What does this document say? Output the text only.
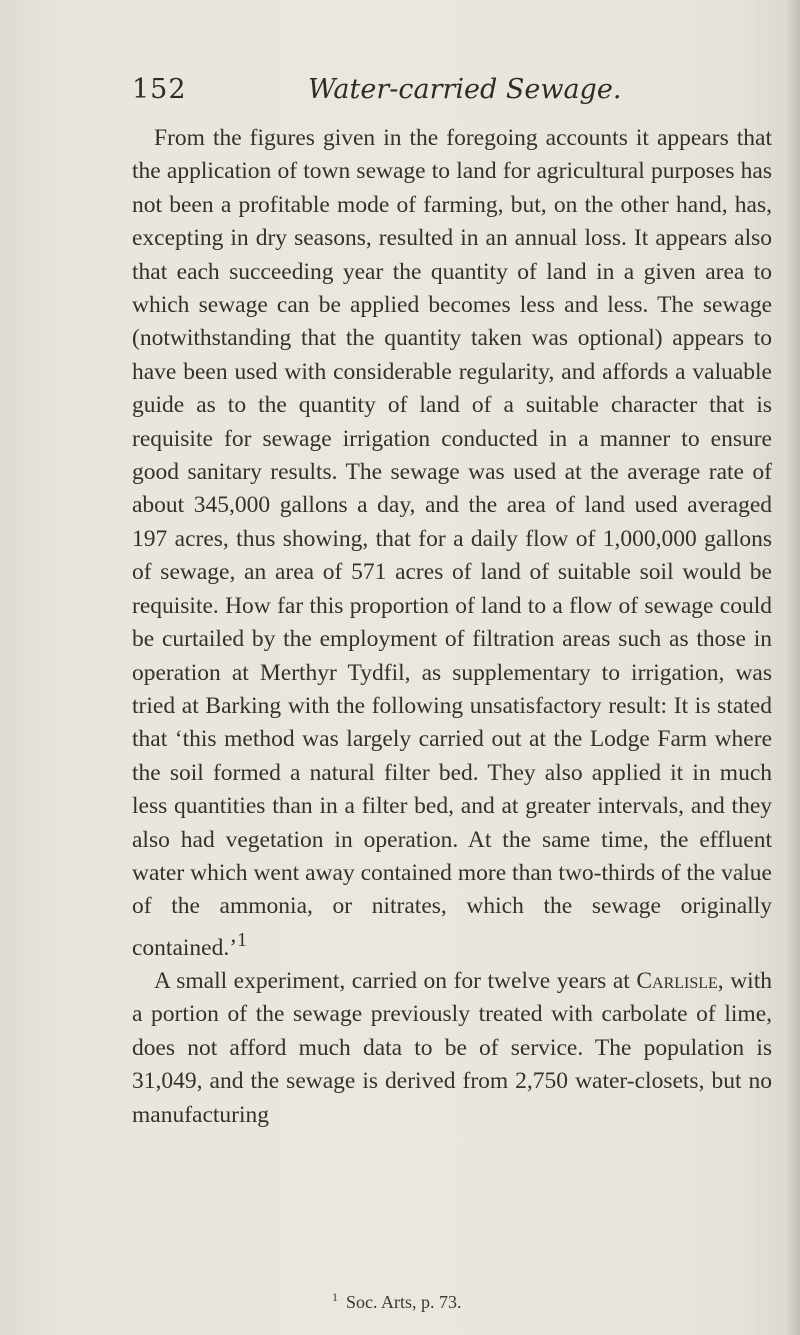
152	Water-carried Sewage.

From the figures given in the foregoing accounts it appears that the application of town sewage to land for agricultural purposes has not been a profitable mode of farming, but, on the other hand, has, excepting in dry seasons, resulted in an annual loss. It appears also that each succeeding year the quantity of land in a given area to which sewage can be applied becomes less and less. The sewage (notwithstanding that the quantity taken was optional) appears to have been used with considerable regularity, and affords a valuable guide as to the quantity of land of a suitable character that is requisite for sewage irrigation conducted in a manner to ensure good sanitary results. The sewage was used at the average rate of about 345,000 gallons a day, and the area of land used averaged 197 acres, thus showing, that for a daily flow of 1,000,000 gallons of sewage, an area of 571 acres of land of suitable soil would be requisite. How far this proportion of land to a flow of sewage could be curtailed by the employment of filtration areas such as those in operation at Merthyr Tydfil, as supplementary to irrigation, was tried at Barking with the following unsatisfactory result: It is stated that ‘this method was largely carried out at the Lodge Farm where the soil formed a natural filter bed. They also applied it in much less quantities than in a filter bed, and at greater intervals, and they also had vegetation in operation. At the same time, the effluent water which went away contained more than two-thirds of the value of the ammonia, or nitrates, which the sewage originally contained.’$^1$

A small experiment, carried on for twelve years at Carlisle, with a portion of the sewage previously treated with carbolate of lime, does not afford much data to be of service. The population is 31,049, and the sewage is derived from 2,750 water-closets, but no manufacturing

$^1$ Soc. Arts, p. 73.
